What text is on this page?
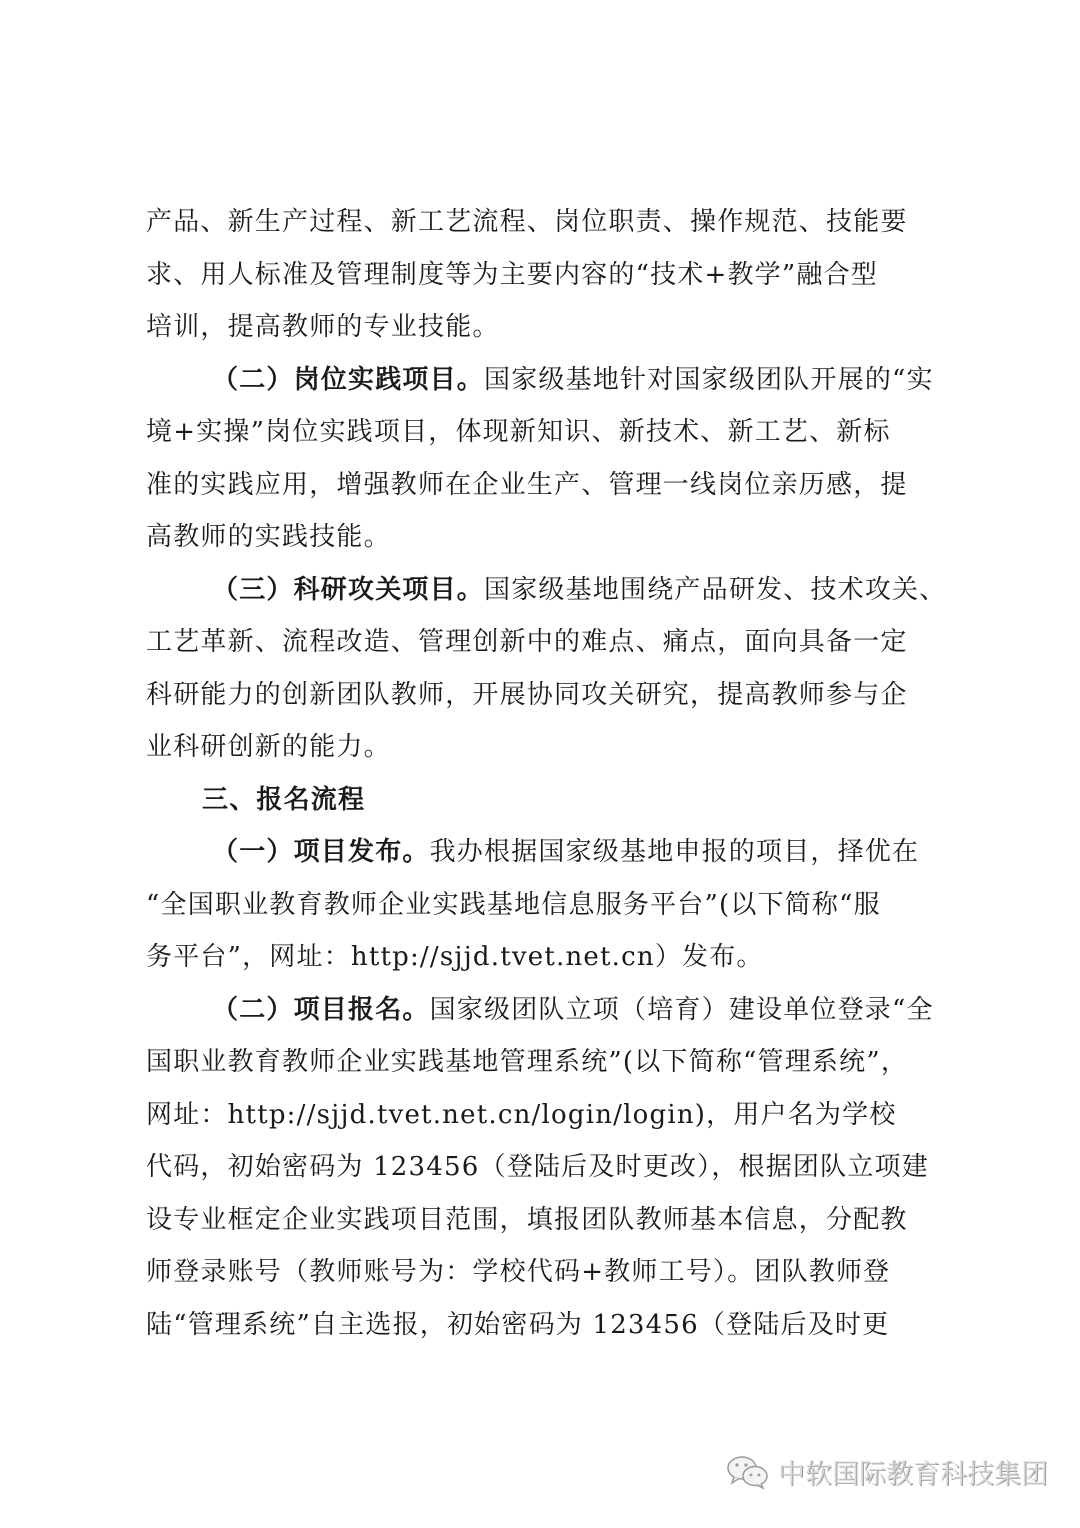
产品、新生产过程、新工艺流程、岗位职责、操作规范、技能要
求、用人标准及管理制度等为主要内容的“技术+教学”融合型
培训，提高教师的专业技能。
（二）岗位实践项目。国家级基地针对国家级团队开展的“实
境+实操”岗位实践项目，体现新知识、新技术、新工艺、新标
准的实践应用，增强教师在企业生产、管理一线岗位亲历感，提
高教师的实践技能。
（三）科研攻关项目。国家级基地围绕产品研发、技术攻关、
工艺革新、流程改造、管理创新中的难点、痛点，面向具备一定
科研能力的创新团队教师，开展协同攻关研究，提高教师参与企
业科研创新的能力。
三、报名流程
（一）项目发布。我办根据国家级基地申报的项目，择优在
“全国职业教育教师企业实践基地信息服务平台”(以下简称“服
务平台”，网址：http://sjjd.tvet.net.cn）发布。
（二）项目报名。国家级团队立项（培育）建设单位登录“全
国职业教育教师企业实践基地管理系统”(以下简称“管理系统”，
网址：http://sjjd.tvet.net.cn/login/login)，用户名为学校
代码，初始密码为 123456（登陆后及时更改），根据团队立项建
设专业框定企业实践项目范围，填报团队教师基本信息，分配教
师登录账号（教师账号为：学校代码+教师工号）。团队教师登
陆“管理系统”自主选报，初始密码为 123456（登陆后及时更
中软国际教育科技集团
